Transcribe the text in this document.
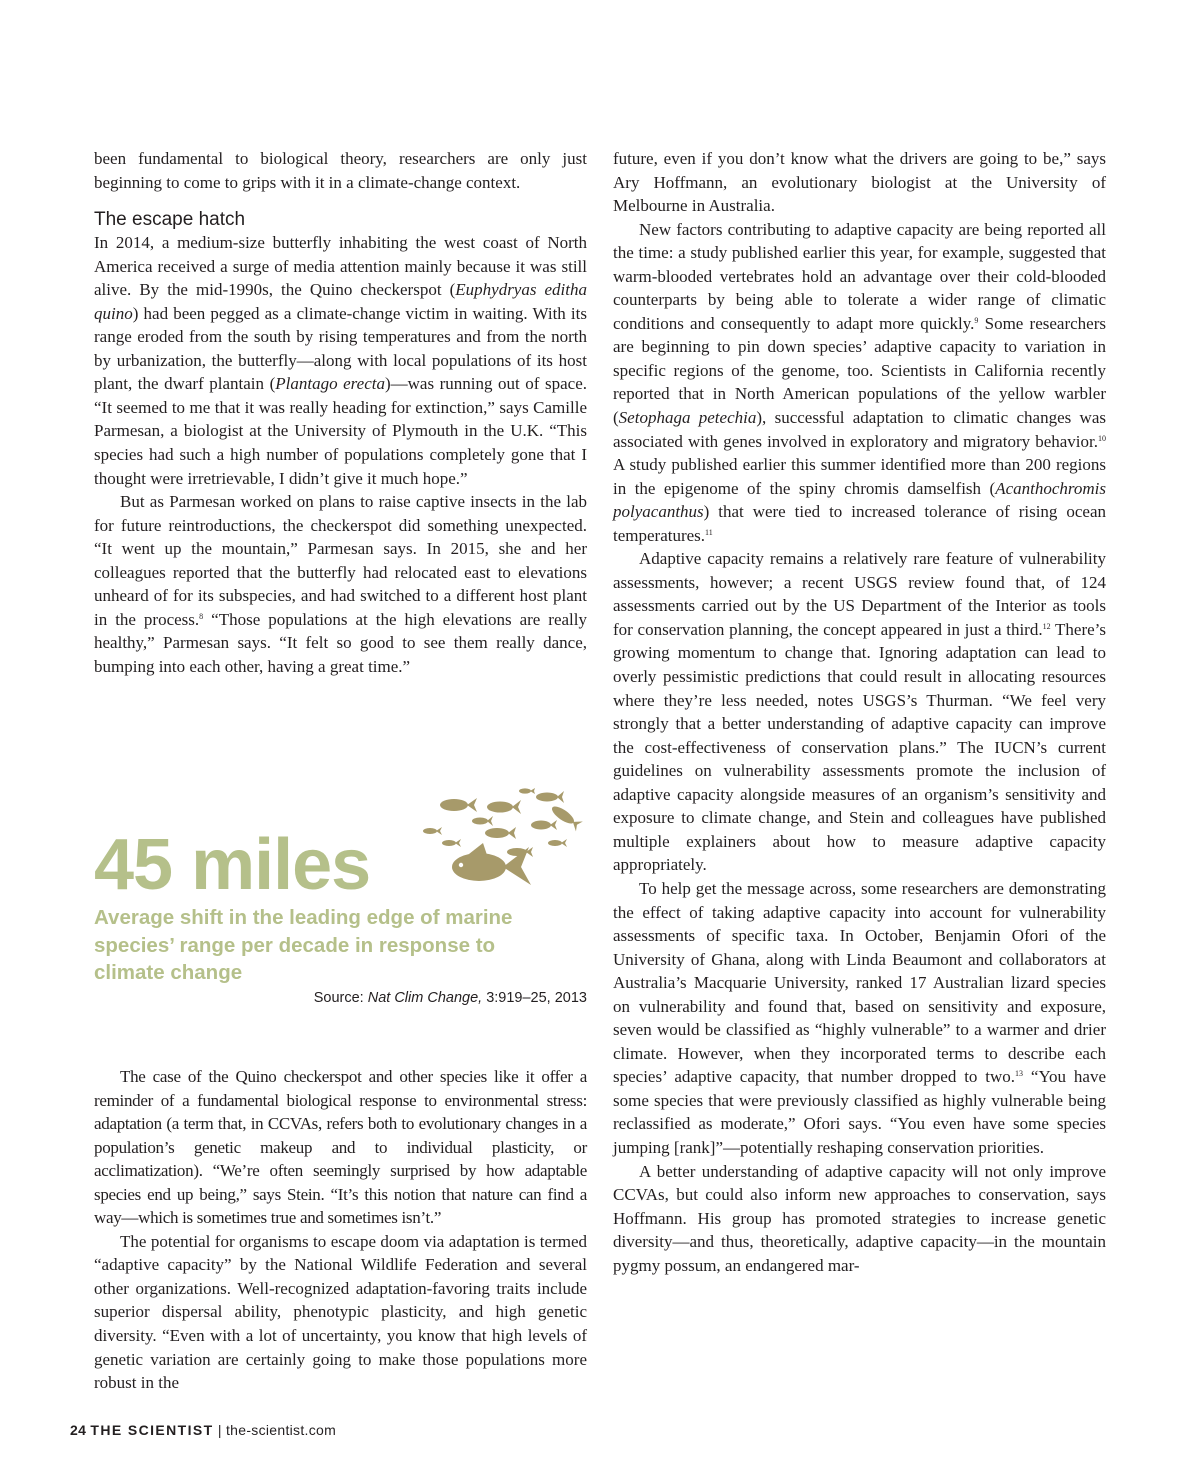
been fundamental to biological theory, researchers are only just beginning to come to grips with it in a climate-change context.

The escape hatch

In 2014, a medium-size butterfly inhabiting the west coast of North America received a surge of media attention mainly because it was still alive. By the mid-1990s, the Quino checkerspot (Euphydryas editha quino) had been pegged as a climate-change victim in waiting. With its range eroded from the south by rising temperatures and from the north by urbanization, the butterfly—along with local populations of its host plant, the dwarf plantain (Plantago erecta)—was running out of space. “It seemed to me that it was really heading for extinction,” says Camille Parmesan, a biologist at the University of Plymouth in the U.K. “This species had such a high number of populations completely gone that I thought were irretrievable, I didn’t give it much hope.”

But as Parmesan worked on plans to raise captive insects in the lab for future reintroductions, the checkerspot did something unexpected. “It went up the mountain,” Parmesan says. In 2015, she and her colleagues reported that the butterfly had relocated east to elevations unheard of for its subspecies, and had switched to a different host plant in the process.$^8$ “Those populations at the high elevations are really healthy,” Parmesan says. “It felt so good to see them really dance, bumping into each other, having a great time.”

45 miles
Average shift in the leading edge of marine species’ range per decade in response to climate change
Source: Nat Clim Change, 3:919–25, 2013

The case of the Quino checkerspot and other species like it offer a reminder of a fundamental biological response to environmental stress: adaptation (a term that, in CCVAs, refers both to evolutionary changes in a population’s genetic makeup and to individual plasticity, or acclimatization). “We’re often seemingly surprised by how adaptable species end up being,” says Stein. “It’s this notion that nature can find a way—which is sometimes true and sometimes isn’t.”

The potential for organisms to escape doom via adaptation is termed “adaptive capacity” by the National Wildlife Federation and several other organizations. Well-recognized adaptation-favoring traits include superior dispersal ability, phenotypic plasticity, and high genetic diversity. “Even with a lot of uncertainty, you know that high levels of genetic variation are certainly going to make those populations more robust in the

future, even if you don’t know what the drivers are going to be,” says Ary Hoffmann, an evolutionary biologist at the University of Melbourne in Australia.

New factors contributing to adaptive capacity are being reported all the time: a study published earlier this year, for example, suggested that warm-blooded vertebrates hold an advantage over their cold-blooded counterparts by being able to tolerate a wider range of climatic conditions and consequently to adapt more quickly.$^9$ Some researchers are beginning to pin down species’ adaptive capacity to variation in specific regions of the genome, too. Scientists in California recently reported that in North American populations of the yellow warbler (Setophaga petechia), successful adaptation to climatic changes was associated with genes involved in exploratory and migratory behavior.$^{10}$ A study published earlier this summer identified more than 200 regions in the epigenome of the spiny chromis damselfish (Acanthochromis polyacanthus) that were tied to increased tolerance of rising ocean temperatures.$^{11}$

Adaptive capacity remains a relatively rare feature of vulnerability assessments, however; a recent USGS review found that, of 124 assessments carried out by the US Department of the Interior as tools for conservation planning, the concept appeared in just a third.$^{12}$ There’s growing momentum to change that. Ignoring adaptation can lead to overly pessimistic predictions that could result in allocating resources where they’re less needed, notes USGS’s Thurman. “We feel very strongly that a better understanding of adaptive capacity can improve the cost-effectiveness of conservation plans.” The IUCN’s current guidelines on vulnerability assessments promote the inclusion of adaptive capacity alongside measures of an organism’s sensitivity and exposure to climate change, and Stein and colleagues have published multiple explainers about how to measure adaptive capacity appropriately.

To help get the message across, some researchers are demonstrating the effect of taking adaptive capacity into account for vulnerability assessments of specific taxa. In October, Benjamin Ofori of the University of Ghana, along with Linda Beaumont and collaborators at Australia’s Macquarie University, ranked 17 Australian lizard species on vulnerability and found that, based on sensitivity and exposure, seven would be classified as “highly vulnerable” to a warmer and drier climate. However, when they incorporated terms to describe each species’ adaptive capacity, that number dropped to two.$^{13}$ “You have some species that were previously classified as highly vulnerable being reclassified as moderate,” Ofori says. “You even have some species jumping [rank]”—potentially reshaping conservation priorities.

A better understanding of adaptive capacity will not only improve CCVAs, but could also inform new approaches to conservation, says Hoffmann. His group has promoted strategies to increase genetic diversity—and thus, theoretically, adaptive capacity—in the mountain pygmy possum, an endangered mar-

24 THE SCIENTIST | the-scientist.com
